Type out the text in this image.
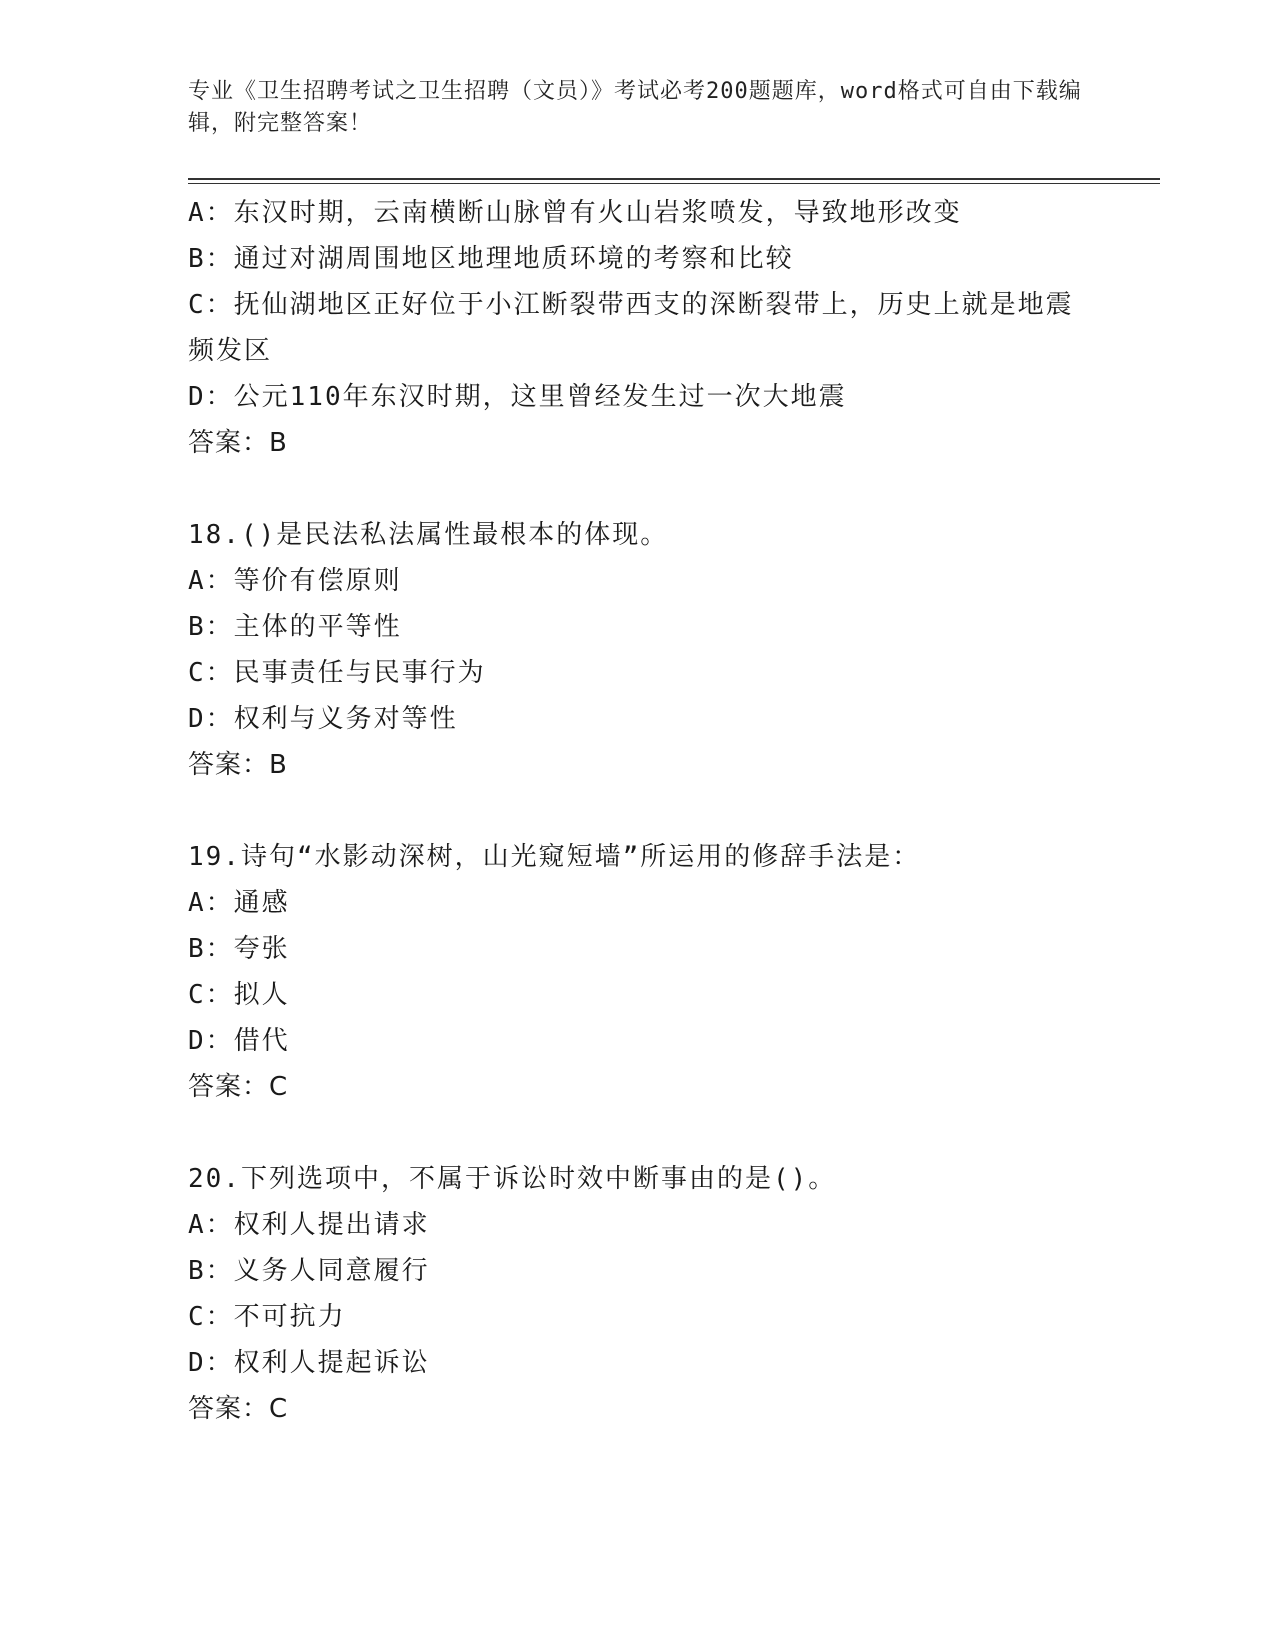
专业《卫生招聘考试之卫生招聘（文员）》考试必考200题题库，word格式可自由下载编辑，附完整答案！
A：东汉时期，云南横断山脉曾有火山岩浆喷发，导致地形改变
B：通过对湖周围地区地理地质环境的考察和比较
C：抚仙湖地区正好位于小江断裂带西支的深断裂带上，历史上就是地震频发区
D：公元110年东汉时期，这里曾经发生过一次大地震
答案：B
18.()是民法私法属性最根本的体现。
A：等价有偿原则
B：主体的平等性
C：民事责任与民事行为
D：权利与义务对等性
答案：B
19.诗句“水影动深树，山光窥短墙”所运用的修辞手法是：
A：通感
B：夸张
C：拟人
D：借代
答案：C
20.下列选项中，不属于诉讼时效中断事由的是()。
A：权利人提出请求
B：义务人同意履行
C：不可抗力
D：权利人提起诉讼
答案：C
